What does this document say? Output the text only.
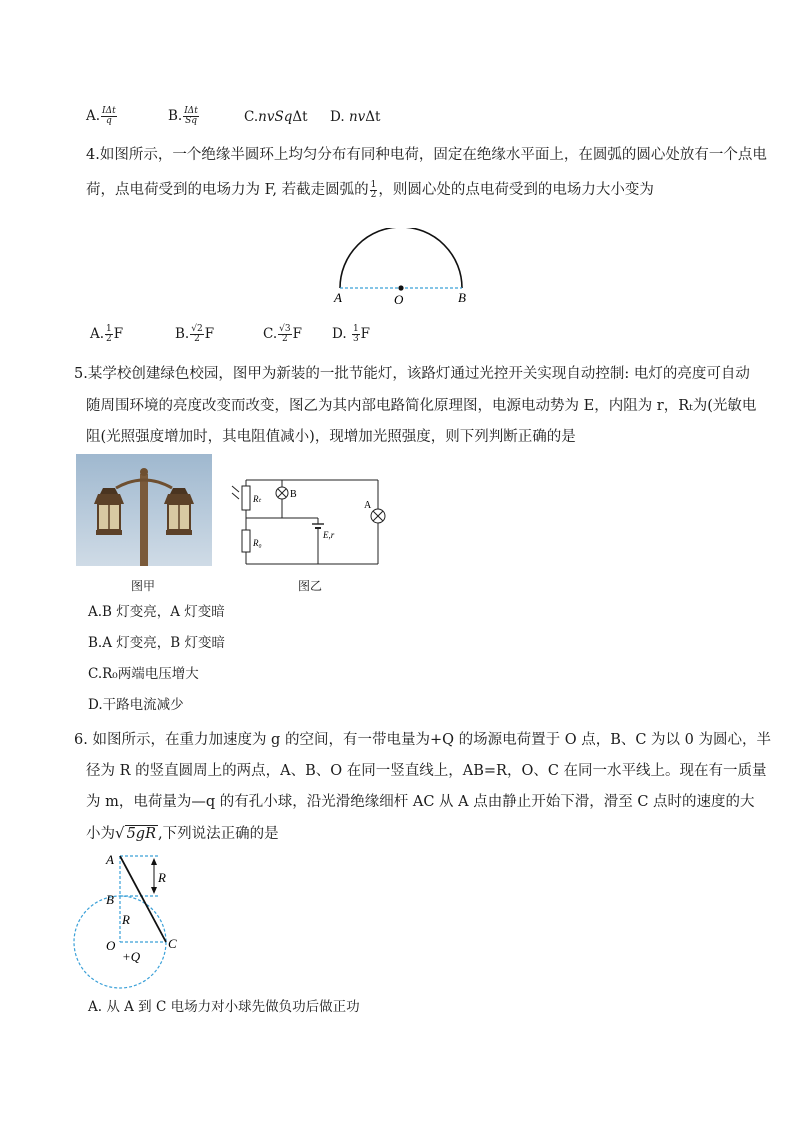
A. $\frac{\text{IΔt}}{q}$	B. $\frac{\text{IΔt}}{Sq}$	C.nvSqΔt D. nvΔt
4.如图所示，一个绝缘半圆环上均匀分布有同种电荷，固定在绝缘水平面上，在圆弧的圆心处放有一个点电
荷，点电荷受到的电场力为 F, 若截走圆弧的 $\frac{1}{2}$ ，则圆心处的点电荷受到的电场力大小变为
A	O	B
A. $\frac{1}{2}$ F	B. $\frac{√2}{2}$ F	C. $\frac{√3}{2}$ F D. $\frac{1}{3}$ F
5.某学校创建绿色校园，图甲为新装的一批节能灯，该路灯通过光控开关实现自动控制: 电灯的亮度可自动
随周围环境的亮度改变而改变，图乙为其内部电路简化原理图，电源电动势为 E，内阻为 r，Rₜ为(光敏电
阻(光照强度增加时，其电阻值减小)，现增加光照强度，则下列判断正确的是
图甲
Rₜ	B
A
R₀
E,r
图乙
A.B 灯变亮，A 灯变暗
B.A 灯变亮，B 灯变暗
C.R₀两端电压增大
D.干路电流减少
6. 如图所示，在重力加速度为 g 的空间，有一带电量为+Q 的场源电荷置于 O 点，B、C 为以 0 为圆心，半
径为 R 的竖直圆周上的两点，A、B、O 在同一竖直线上，AB=R，O、C 在同一水平线上。现在有一质量
为 m，电荷量为—q 的有孔小球，沿光滑绝缘细杆 AC 从 A 点由静止开始下滑，滑至 C 点时的速度的大
小为√ 5gR ,下列说法正确的是
A
B
O	C
R
R
+Q
A. 从 A 到 C 电场力对小球先做负功后做正功
